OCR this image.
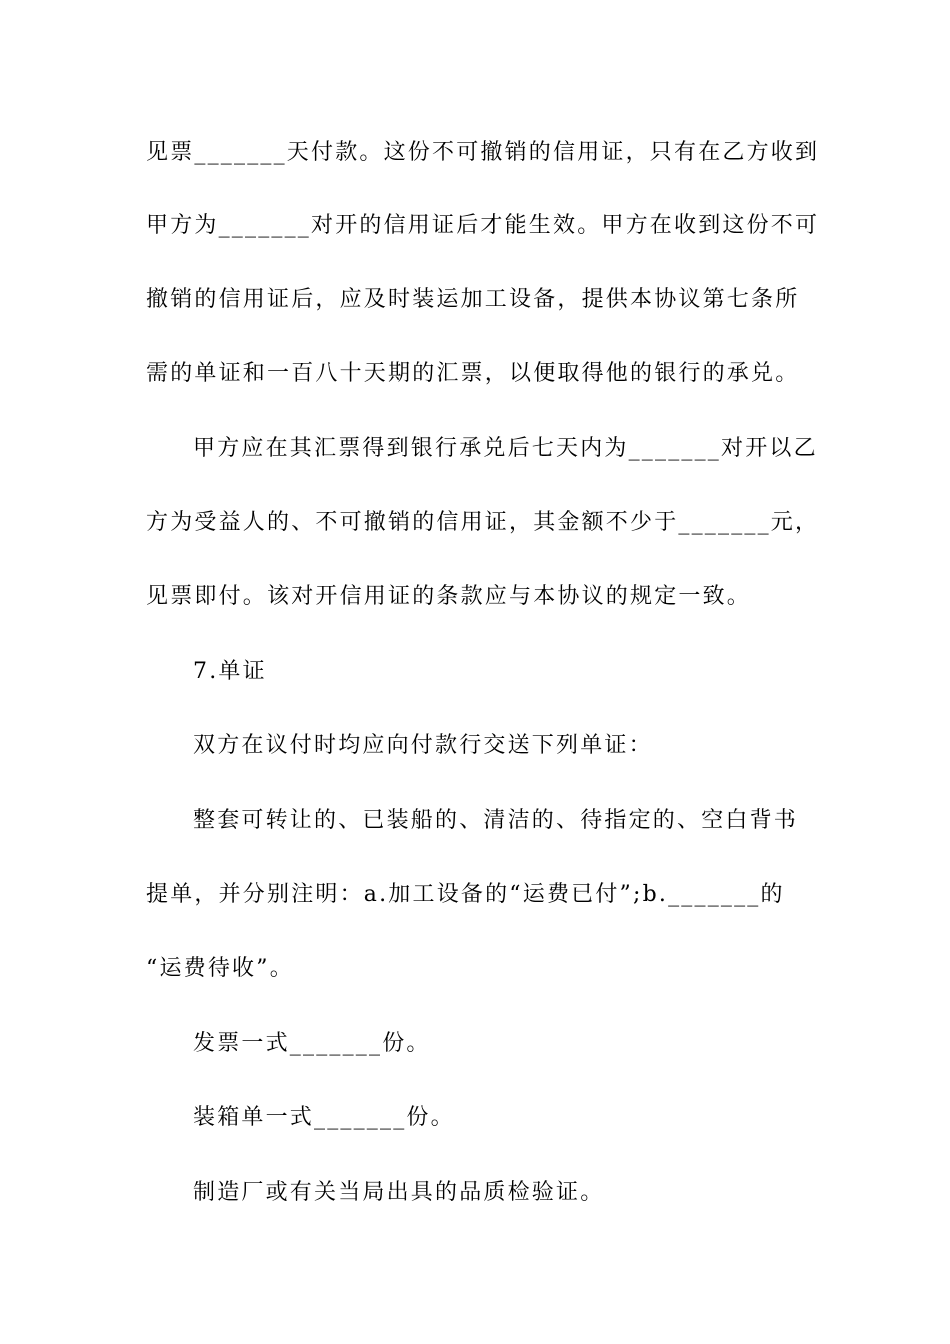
见票_______天付款。这份不可撤销的信用证，只有在乙方收到
甲方为_______对开的信用证后才能生效。甲方在收到这份不可
撤销的信用证后，应及时装运加工设备，提供本协议第七条所
需的单证和一百八十天期的汇票，以便取得他的银行的承兑。
甲方应在其汇票得到银行承兑后七天内为_______对开以乙
方为受益人的、不可撤销的信用证，其金额不少于_______元，
见票即付。该对开信用证的条款应与本协议的规定一致。
7.单证
双方在议付时均应向付款行交送下列单证：
整套可转让的、已装船的、清洁的、待指定的、空白背书
提单，并分别注明：a.加工设备的“运费已付”;b._______的
“运费待收”。
发票一式_______份。
装箱单一式_______份。
制造厂或有关当局出具的品质检验证。
